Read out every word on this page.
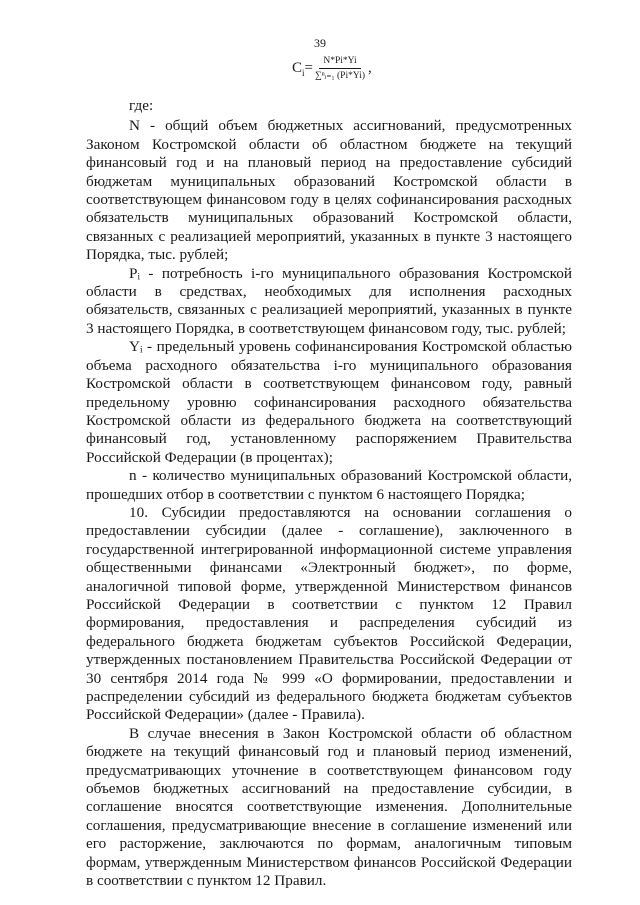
39
$C_i= \frac{N*Pi*Yi}{\text{∑ⁿᵢ₌₁ (Pi*Yi)}}$ ,

где:

N - общий объем бюджетных ассигнований, предусмотренных Законом Костромской области об областном бюджете на текущий финансовый год и на плановый период на предоставление субсидий бюджетам муниципальных образований Костромской области в соответствующем финансовом году в целях софинансирования расходных обязательств муниципальных образований Костромской области, связанных с реализацией мероприятий, указанных в пункте 3 настоящего Порядка, тыс. рублей;

Pᵢ - потребность i-го муниципального образования Костромской области в средствах, необходимых для исполнения расходных обязательств, связанных с реализацией мероприятий, указанных в пункте 3 настоящего Порядка, в соответствующем финансовом году, тыс. рублей;

Yᵢ - предельный уровень софинансирования Костромской областью объема расходного обязательства i-го муниципального образования Костромской области в соответствующем финансовом году, равный предельному уровню софинансирования расходного обязательства Костромской области из федерального бюджета на соответствующий финансовый год, установленному распоряжением Правительства Российской Федерации (в процентах);

n - количество муниципальных образований Костромской области, прошедших отбор в соответствии с пунктом 6 настоящего Порядка;

10. Субсидии предоставляются на основании соглашения о предоставлении субсидии (далее - соглашение), заключенного в государственной интегрированной информационной системе управления общественными финансами «Электронный бюджет», по форме, аналогичной типовой форме, утвержденной Министерством финансов Российской Федерации в соответствии с пунктом 12 Правил формирования, предоставления и распределения субсидий из федерального бюджета бюджетам субъектов Российской Федерации, утвержденных постановлением Правительства Российской Федерации от 30 сентября 2014 года № 999 «О формировании, предоставлении и распределении субсидий из федерального бюджета бюджетам субъектов Российской Федерации» (далее - Правила).

В случае внесения в Закон Костромской области об областном бюджете на текущий финансовый год и плановый период изменений, предусматривающих уточнение в соответствующем финансовом году объемов бюджетных ассигнований на предоставление субсидии, в соглашение вносятся соответствующие изменения. Дополнительные соглашения, предусматривающие внесение в соглашение изменений или его расторжение, заключаются по формам, аналогичным типовым формам, утвержденным Министерством финансов Российской Федерации в соответствии с пунктом 12 Правил.
